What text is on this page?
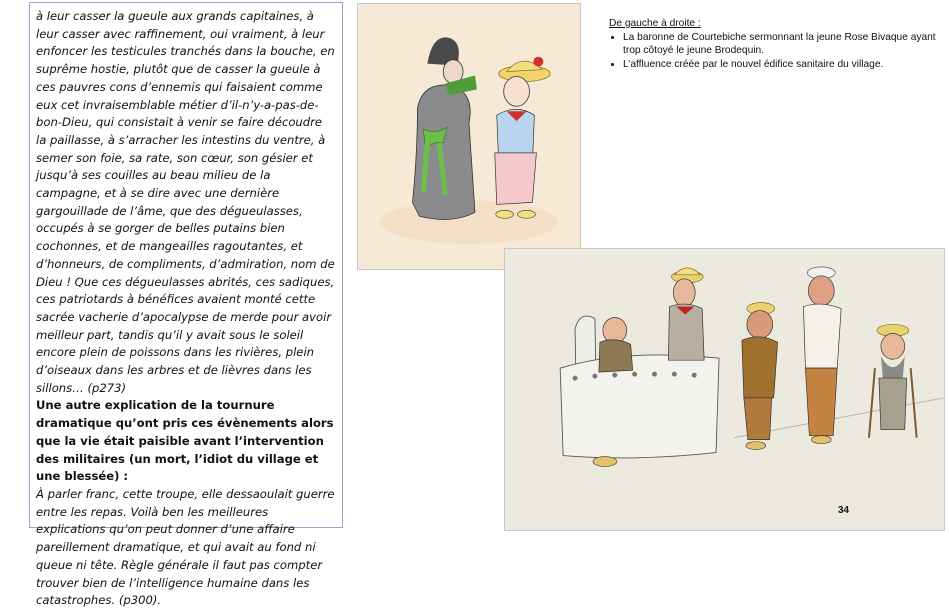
à leur casser la gueule aux grands capitaines, à leur casser avec raffinement, oui vraiment, à leur enfoncer les testicules tranchés dans la bouche, en suprême hostie, plutôt que de casser la gueule à ces pauvres cons d’ennemis qui faisaient comme eux cet invraisemblable métier d’il-n’y-a-pas-de-bon-Dieu, qui consistait à venir se faire découdre la paillasse, à s’arracher les intestins du ventre, à semer son foie, sa rate, son cœur, son gésier et jusqu’à ses couilles au beau milieu de la campagne, et à se dire avec une dernière gargouillade de l’âme, que des dégueulasses, occupés à se gorger de belles putains bien cochonnes, et de mangeailles ragoutantes, et d’honneurs, de compliments, d’admiration, nom de Dieu ! Que ces dégueulasses abrités, ces sadiques, ces patriotards à bénéfices avaient monté cette sacrée vacherie d’apocalypse de merde pour avoir meilleur part, tandis qu’il y avait sous le soleil encore plein de poissons dans les rivières, plein d’oiseaux dans les arbres et de lièvres dans les sillons… (p273)

Une autre explication de la tournure dramatique qu’ont pris ces évènements alors que la vie était paisible avant l’intervention des militaires (un mort, l’idiot du village et une blessée) :

À parler franc, cette troupe, elle dessaoulait guerre entre les repas. Voilà ben les meilleures explications qu’on peut donner d’une affaire pareillement dramatique, et qui avait au fond ni queue ni tête. Règle générale il faut pas compter trouver bien de l’intelligence humaine dans les catastrophes. (p300).

De gauche à droite :
• La baronne de Courtebiche sermonnant la jeune Rose Bivaque ayant trop côtoyé le jeune Brodequin.
• L’affluence créée par le nouvel édifice sanitaire du village.
34
